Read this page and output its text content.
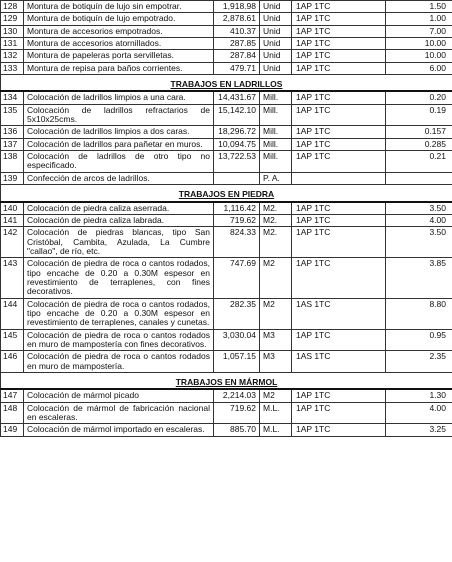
128	Montura de botiquín de lujo sin empotrar.	1,918.98	Unid	1AP 1TC	1.50
129	Montura de botiquín de lujo empotrado.	2,878.61	Unid	1AP 1TC	1.00
130	Montura de accesorios empotrados.	410.37	Unid	1AP 1TC	7.00
131	Montura de accesorios atornillados.	287.85	Unid	1AP 1TC	10.00
132	Montura de papeleras porta servilletas.	287.84	Unid	1AP 1TC	10.00
133	Montura de repisa para baños corrientes.	479.71	Unid	1AP 1TC	6.00
TRABAJOS EN LADRILLOS					
134	Colocación de ladrillos limpios a una cara.	14,431.67	Mill.	1AP 1TC	0.20
135	Colocación de ladrillos refractarios de 5x10x25cms.	15,142.10	Mill.	1AP 1TC	0.19
136	Colocación de ladrillos limpios a dos caras.	18,296.72	Mill.	1AP 1TC	0.157
137	Colocación de ladrillos para pañetar en muros.	10,094.75	Mill.	1AP 1TC	0.285
138	Colocación de ladrillos de otro tipo no especificado.	13,722.53	Mill.	1AP 1TC	0.21
139	Confección de arcos de ladrillos.		P. A.		
TRABAJOS EN PIEDRA					
140	Colocación de piedra caliza aserrada.	1,116.42	M2.	1AP 1TC	3.50
141	Colocación de piedra caliza labrada.	719.62	M2.	1AP 1TC	4.00
142	Colocación de piedras blancas, tipo San Cristóbal, Cambita, Azulada, La Cumbre "callao", de río, etc.	824.33	M2.	1AP 1TC	3.50
143	Colocación de piedra de roca o cantos rodados, tipo encache de 0.20 a 0.30M espesor en revestimiento de terraplenes, con fines decorativos.	747.69	M2	1AP 1TC	3.85
144	Colocación de piedra de roca o cantos rodados, tipo encache de 0.20 a 0.30M espesor en revestimiento de terraplenes, canales y cunetas.	282.35	M2	1AS 1TC	8.80
145	Colocación de piedra de roca o cantos rodados en muro de mampostería con fines decorativos.	3,030.04	M3	1AP 1TC	0.95
146	Colocación de piedra de roca o cantos rodados en muro de mampostería.	1,057.15	M3	1AS 1TC	2.35
TRABAJOS EN MÁRMOL					
147	Colocación de mármol picado	2,214.03	M2	1AP 1TC	1.30
148	Colocación de mármol de fabricación nacional en escaleras.	719.62	M.L.	1AP 1TC	4.00
149	Colocación de mármol importado en escaleras.	885.70	M.L.	1AP 1TC	3.25
